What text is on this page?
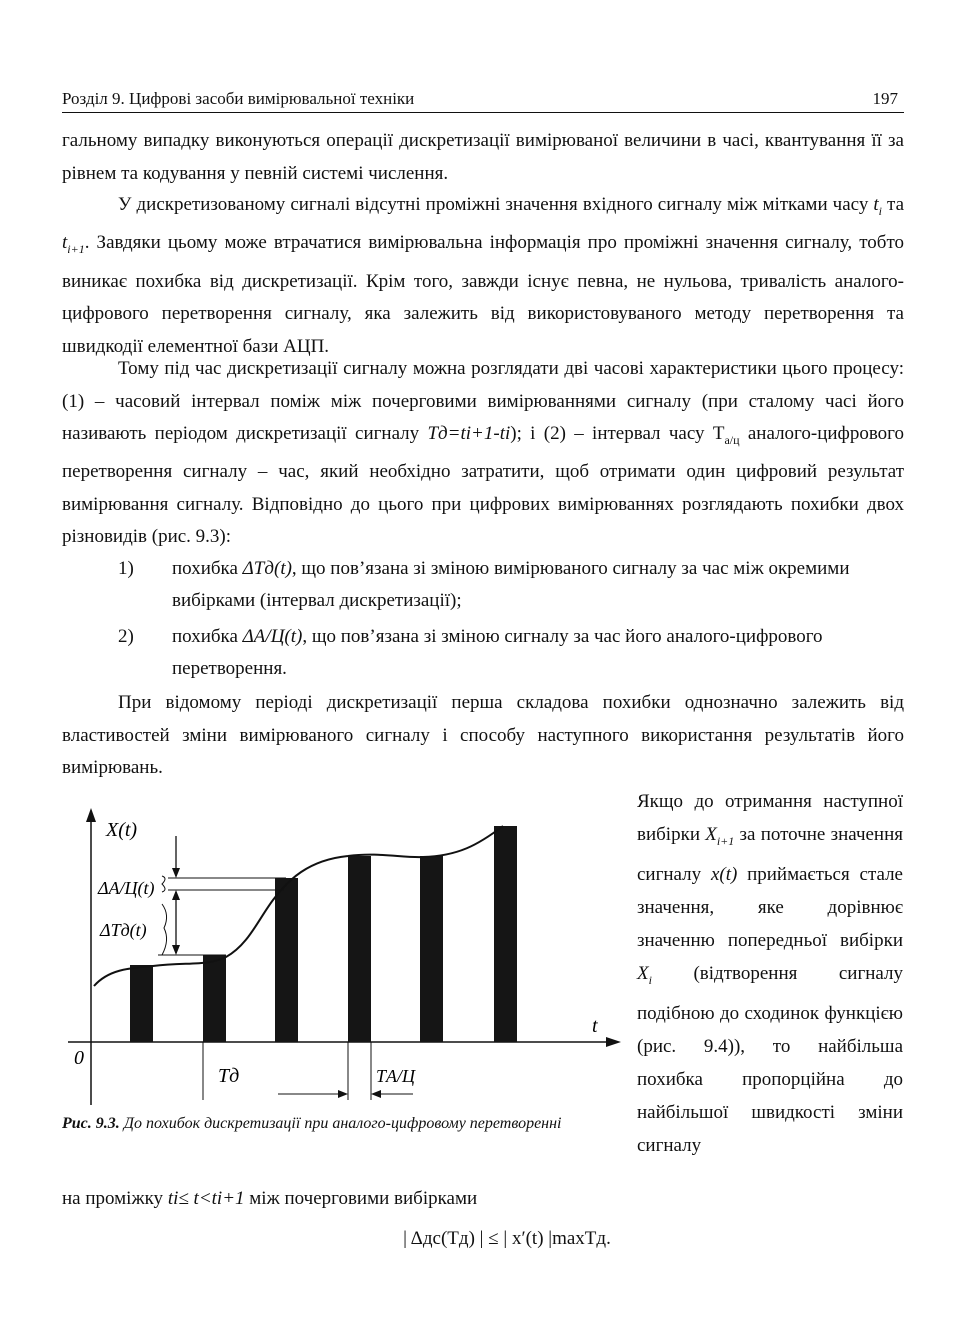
Розділ 9. Цифрові засоби вимірювальної техніки	197

гальному випадку виконуються операції дискретизації вимірюваної величини в часі, квантування її за рівнем та кодування у певній системі числення.

У дискретизованому сигналі відсутні проміжні значення вхідного сигналу між мітками часу $t_i$ та $t_{i+1}$. Завдяки цьому може втрачатися вимірювальна інформація про проміжні значення сигналу, тобто виникає похибка від дискретизації. Крім того, завжди існує певна, не нульова, тривалість аналого-цифрового перетворення сигналу, яка залежить від використовуваного методу перетворення та швидкодії елементної бази АЦП.

Тому під час дискретизації сигналу можна розглядати дві часові характеристики цього процесу: (1) – часовий інтервал поміж між почерговими вимірюваннями сигналу (при сталому часі його називають періодом дискретизації сигналу Tд=ti+1-ti); і (2) – інтервал часу $Т_{а/ц}$ аналого-цифрового перетворення сигналу – час, який необхідно затратити, щоб отримати один цифровий результат вимірювання сигналу. Відповідно до цього при цифрових вимірюваннях розглядають похибки двох різновидів (рис. 9.3):

1) похибка ΔTд(t), що пов’язана зі зміною вимірюваного сигналу за час між окремими вибірками (інтервал дискретизації);
2) похибка ΔА/Ц(t), що пов’язана зі зміною сигналу за час його аналого-цифрового перетворення.

При відомому періоді дискретизації перша складова похибки однозначно залежить від властивостей зміни вимірюваного сигналу і способу наступного використання результатів його вимірювань.

X(t)
ΔА/Ц(t)
ΔTд(t)
t
0
Tд	TА/Ц
Рис. 9.3. До похибок дискретизації при аналого-цифровому перетворенні

Якщо до отримання наступної вибірки $X_{i+1}$ за поточне значення сигналу x(t) приймається стале значення, яке дорівнює значенню попередньої вибірки $X_i$ (відтворення сигналу подібною до сходинок функцією (рис. 9.4)), то найбільша похибка пропорційна до найбільшої швидкості зміни сигналу

на проміжку ti≤ t<ti+1 між почерговими вибірками

| Δдс(Tд) | ≤ | x′(t) |maxTд.
